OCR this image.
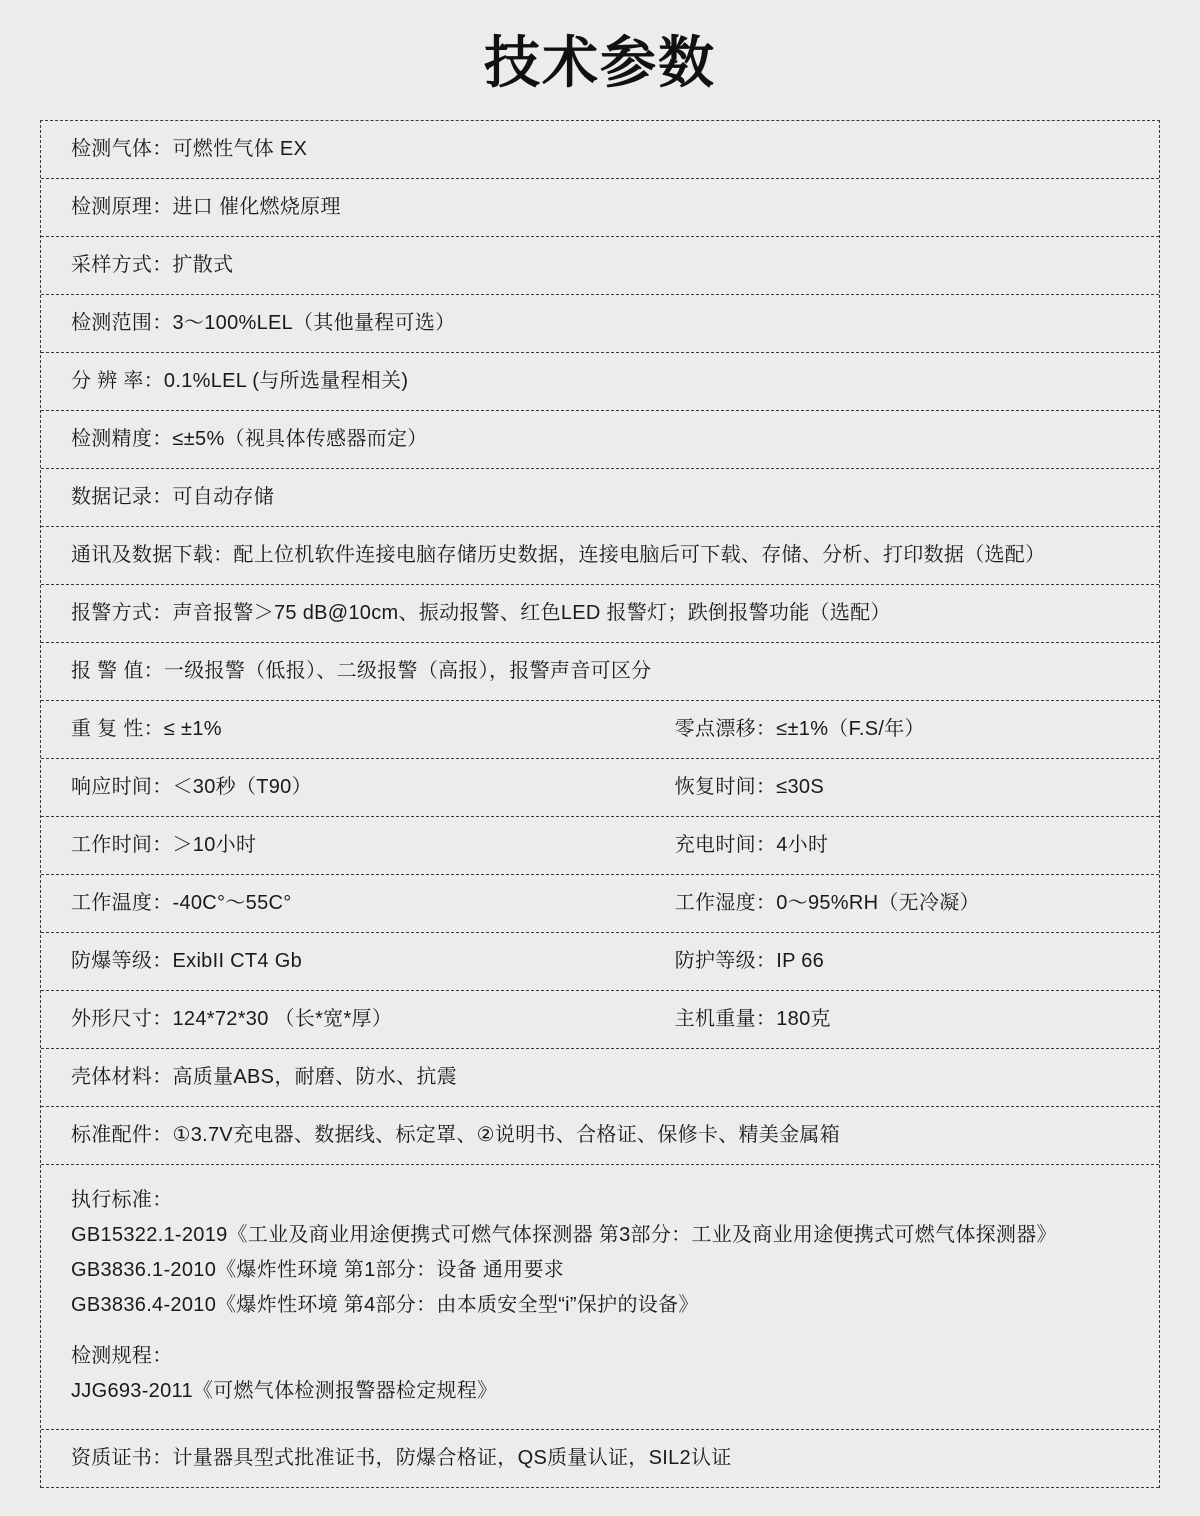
技术参数
检测气体：可燃性气体 EX
检测原理：进口 催化燃烧原理
采样方式：扩散式
检测范围：3～100%LEL（其他量程可选）
分 辨 率：0.1%LEL (与所选量程相关)
检测精度：≤±5%（视具体传感器而定）
数据记录：可自动存储
通讯及数据下载：配上位机软件连接电脑存储历史数据，连接电脑后可下载、存储、分析、打印数据（选配）
报警方式：声音报警＞75 dB@10cm、振动报警、红色LED 报警灯；跌倒报警功能（选配）
报 警 值：一级报警（低报）、二级报警（高报），报警声音可区分
重 复 性：≤ ±1%	零点漂移：≤±1%（F.S/年）
响应时间：＜30秒（T90）	恢复时间：≤30S
工作时间：＞10小时	充电时间：4小时
工作温度：-40C°～55C°	工作湿度：0～95%RH（无冷凝）
防爆等级：ExibII CT4 Gb	防护等级：IP 66
外形尺寸：124*72*30 （长*宽*厚）	主机重量：180克
壳体材料：高质量ABS，耐磨、防水、抗震
标准配件：①3.7V充电器、数据线、标定罩、②说明书、合格证、保修卡、精美金属箱
执行标准：
GB15322.1-2019《工业及商业用途便携式可燃气体探测器 第3部分：工业及商业用途便携式可燃气体探测器》
GB3836.1-2010《爆炸性环境 第1部分：设备 通用要求
GB3836.4-2010《爆炸性环境 第4部分：由本质安全型“i”保护的设备》
检测规程：
JJG693-2011《可燃气体检测报警器检定规程》
资质证书：计量器具型式批准证书，防爆合格证，QS质量认证，SIL2认证
